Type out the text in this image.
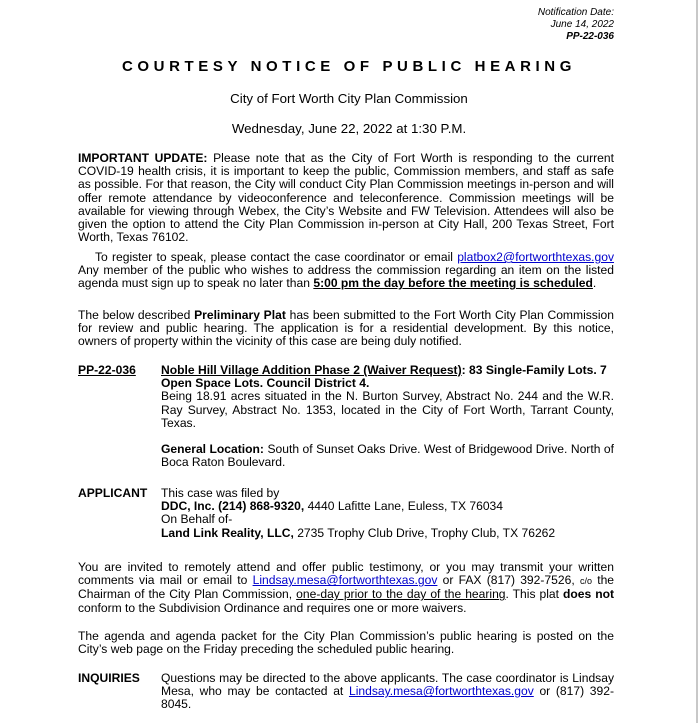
Notification Date:
June 14, 2022
PP-22-036
COURTESY NOTICE OF PUBLIC HEARING
City of Fort Worth City Plan Commission
Wednesday, June 22, 2022 at 1:30 P.M.
IMPORTANT UPDATE: Please note that as the City of Fort Worth is responding to the current COVID-19 health crisis, it is important to keep the public, Commission members, and staff as safe as possible. For that reason, the City will conduct City Plan Commission meetings in-person and will offer remote attendance by videoconference and teleconference. Commission meetings will be available for viewing through Webex, the City’s Website and FW Television. Attendees will also be given the option to attend the City Plan Commission in-person at City Hall, 200 Texas Street, Fort Worth, Texas 76102.
To register to speak, please contact the case coordinator or email platbox2@fortworthtexas.gov Any member of the public who wishes to address the commission regarding an item on the listed agenda must sign up to speak no later than 5:00 pm the day before the meeting is scheduled.
The below described Preliminary Plat has been submitted to the Fort Worth City Plan Commission for review and public hearing. The application is for a residential development. By this notice, owners of property within the vicinity of this case are being duly notified.
PP-22-036 Noble Hill Village Addition Phase 2 (Waiver Request): 83 Single-Family Lots. 7 Open Space Lots. Council District 4.
Being 18.91 acres situated in the N. Burton Survey, Abstract No. 244 and the W.R. Ray Survey, Abstract No. 1353, located in the City of Fort Worth, Tarrant County, Texas.
General Location: South of Sunset Oaks Drive. West of Bridgewood Drive. North of Boca Raton Boulevard.
APPLICANT This case was filed by
DDC, Inc. (214) 868-9320, 4440 Lafitte Lane, Euless, TX 76034
On Behalf of-
Land Link Reality, LLC, 2735 Trophy Club Drive, Trophy Club, TX 76262
You are invited to remotely attend and offer public testimony, or you may transmit your written comments via mail or email to Lindsay.mesa@fortworthtexas.gov or FAX (817) 392-7526, c/o the Chairman of the City Plan Commission, one-day prior to the day of the hearing. This plat does not conform to the Subdivision Ordinance and requires one or more waivers.
The agenda and agenda packet for the City Plan Commission’s public hearing is posted on the City’s web page on the Friday preceding the scheduled public hearing.
INQUIRIES Questions may be directed to the above applicants. The case coordinator is Lindsay Mesa, who may be contacted at Lindsay.mesa@fortworthtexas.gov or (817) 392-8045.
